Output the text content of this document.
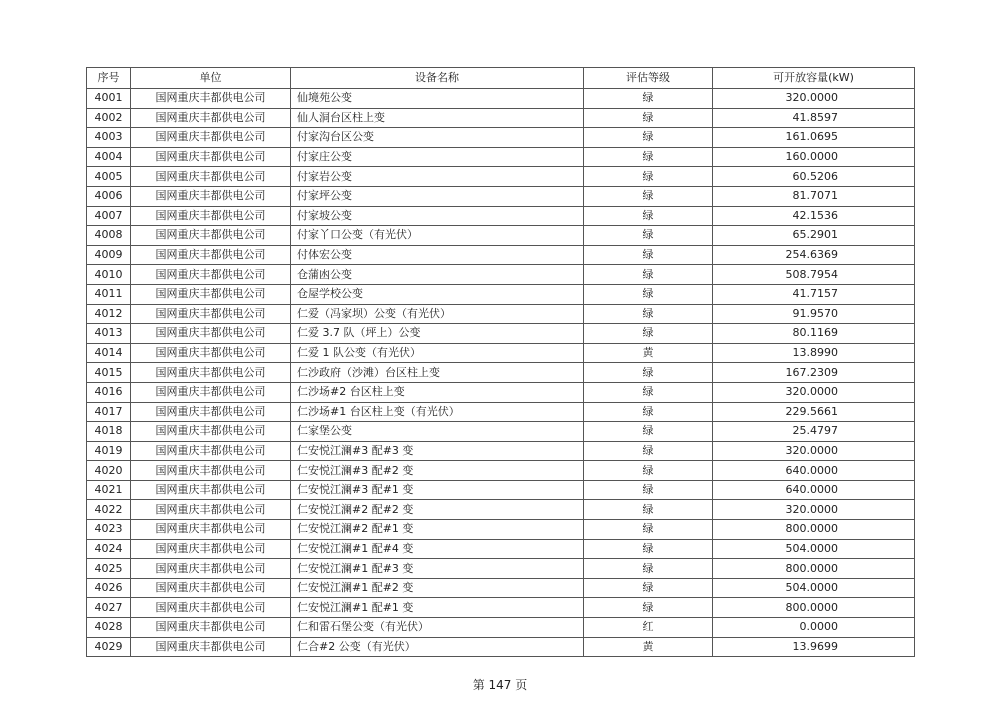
序号	单位	设备名称	评估等级	可开放容量(kW)
4001	国网重庆丰都供电公司	仙境苑公变	绿	320.0000
4002	国网重庆丰都供电公司	仙人洞台区柱上变	绿	41.8597
4003	国网重庆丰都供电公司	付家沟台区公变	绿	161.0695
4004	国网重庆丰都供电公司	付家庄公变	绿	160.0000
4005	国网重庆丰都供电公司	付家岩公变	绿	60.5206
4006	国网重庆丰都供电公司	付家坪公变	绿	81.7071
4007	国网重庆丰都供电公司	付家坡公变	绿	42.1536
4008	国网重庆丰都供电公司	付家丫口公变（有光伏）	绿	65.2901
4009	国网重庆丰都供电公司	付体宏公变	绿	254.6369
4010	国网重庆丰都供电公司	仓蒲凼公变	绿	508.7954
4011	国网重庆丰都供电公司	仓屋学校公变	绿	41.7157
4012	国网重庆丰都供电公司	仁爱（冯家坝）公变（有光伏）	绿	91.9570
4013	国网重庆丰都供电公司	仁爱 3.7 队（坪上）公变	绿	80.1169
4014	国网重庆丰都供电公司	仁爱 1 队公变（有光伏）	黄	13.8990
4015	国网重庆丰都供电公司	仁沙政府（沙滩）台区柱上变	绿	167.2309
4016	国网重庆丰都供电公司	仁沙场#2 台区柱上变	绿	320.0000
4017	国网重庆丰都供电公司	仁沙场#1 台区柱上变（有光伏）	绿	229.5661
4018	国网重庆丰都供电公司	仁家堡公变	绿	25.4797
4019	国网重庆丰都供电公司	仁安悦江澜#3 配#3 变	绿	320.0000
4020	国网重庆丰都供电公司	仁安悦江澜#3 配#2 变	绿	640.0000
4021	国网重庆丰都供电公司	仁安悦江澜#3 配#1 变	绿	640.0000
4022	国网重庆丰都供电公司	仁安悦江澜#2 配#2 变	绿	320.0000
4023	国网重庆丰都供电公司	仁安悦江澜#2 配#1 变	绿	800.0000
4024	国网重庆丰都供电公司	仁安悦江澜#1 配#4 变	绿	504.0000
4025	国网重庆丰都供电公司	仁安悦江澜#1 配#3 变	绿	800.0000
4026	国网重庆丰都供电公司	仁安悦江澜#1 配#2 变	绿	504.0000
4027	国网重庆丰都供电公司	仁安悦江澜#1 配#1 变	绿	800.0000
4028	国网重庆丰都供电公司	仁和雷石堡公变（有光伏）	红	0.0000
4029	国网重庆丰都供电公司	仁合#2 公变（有光伏）	黄	13.9699
第 147 页
